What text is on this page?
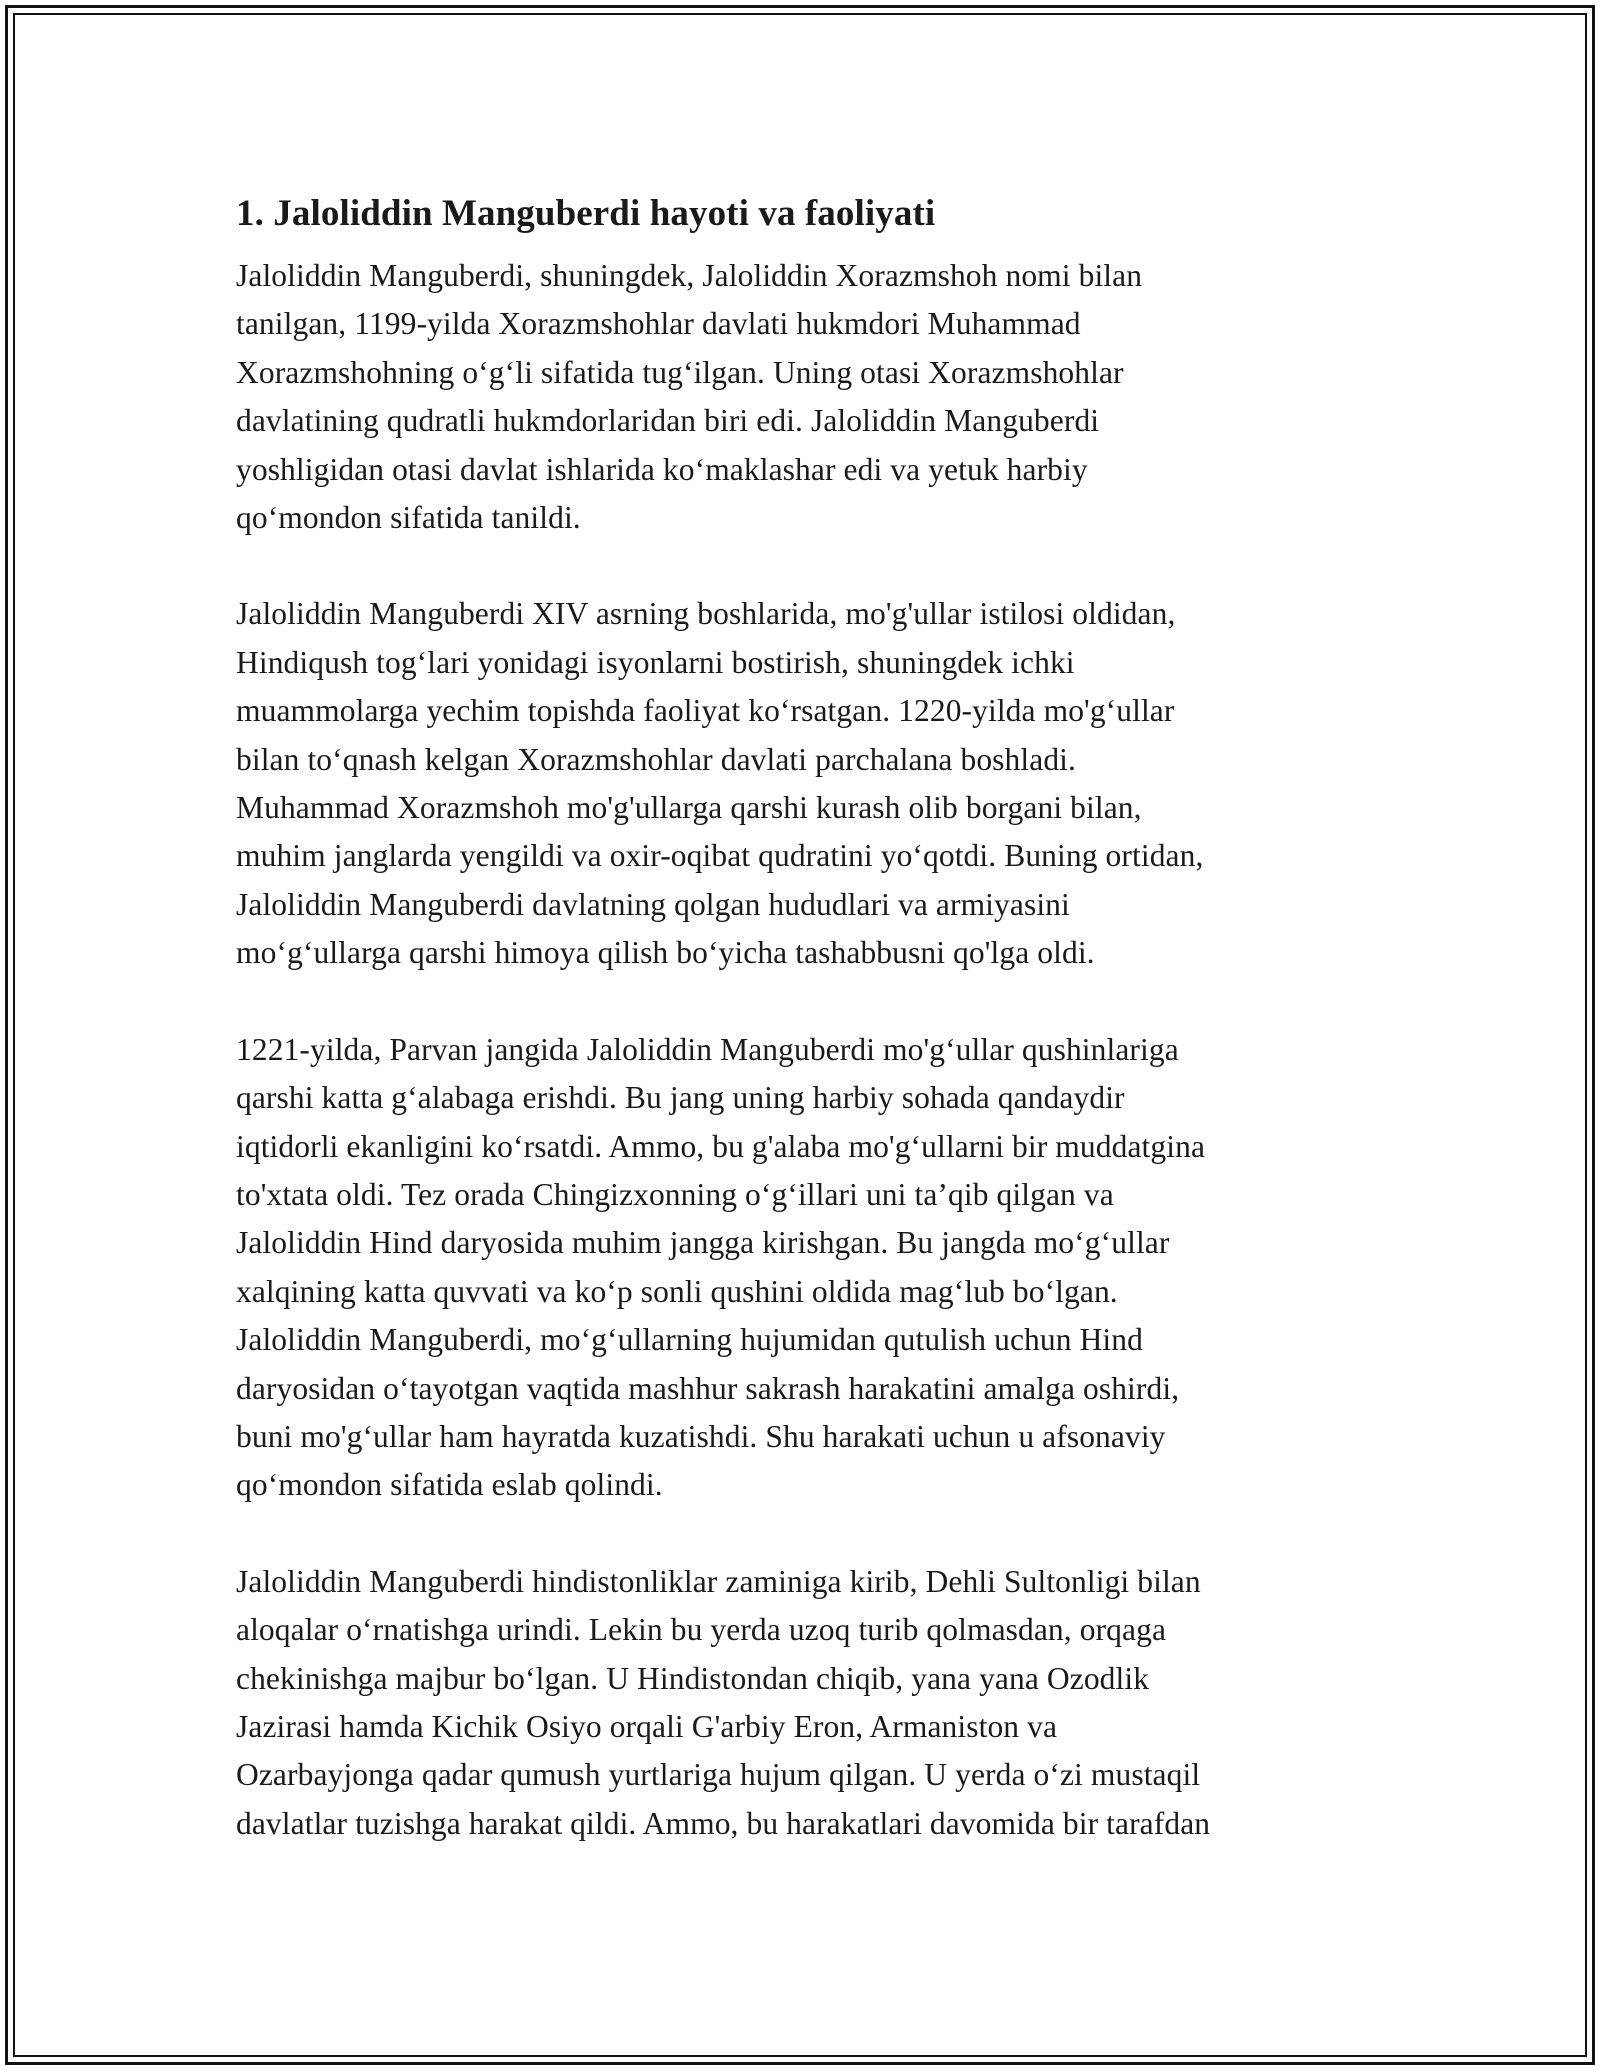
1. Jaloliddin Manguberdi hayoti va faoliyati

Jaloliddin Manguberdi, shuningdek, Jaloliddin Xorazmshoh nomi bilan
tanilgan, 1199-yilda Xorazmshohlar davlati hukmdori Muhammad
Xorazmshohning o‘g‘li sifatida tug‘ilgan. Uning otasi Xorazmshohlar
davlatining qudratli hukmdorlaridan biri edi. Jaloliddin Manguberdi
yoshligidan otasi davlat ishlarida ko‘maklashar edi va yetuk harbiy
qo‘mondon sifatida tanildi.

Jaloliddin Manguberdi XIV asrning boshlarida, mo'g'ullar istilosi oldidan,
Hindiqush tog‘lari yonidagi isyonlarni bostirish, shuningdek ichki
muammolarga yechim topishda faoliyat ko‘rsatgan. 1220-yilda mo'g‘ullar
bilan to‘qnash kelgan Xorazmshohlar davlati parchalana boshladi.
Muhammad Xorazmshoh mo'g'ullarga qarshi kurash olib borgani bilan,
muhim janglarda yengildi va oxir-oqibat qudratini yo‘qotdi. Buning ortidan,
Jaloliddin Manguberdi davlatning qolgan hududlari va armiyasini
mo‘g‘ullarga qarshi himoya qilish bo‘yicha tashabbusni qo'lga oldi.

1221-yilda, Parvan jangida Jaloliddin Manguberdi mo'g‘ullar qushinlariga
qarshi katta g‘alabaga erishdi. Bu jang uning harbiy sohada qandaydir
iqtidorli ekanligini ko‘rsatdi. Ammo, bu g'alaba mo'g‘ullarni bir muddatgina
to'xtata oldi. Tez orada Chingizxonning o‘g‘illari uni ta’qib qilgan va
Jaloliddin Hind daryosida muhim jangga kirishgan. Bu jangda mo‘g‘ullar
xalqining katta quvvati va ko‘p sonli qushini oldida mag‘lub bo‘lgan.
Jaloliddin Manguberdi, mo‘g‘ullarning hujumidan qutulish uchun Hind
daryosidan o‘tayotgan vaqtida mashhur sakrash harakatini amalga oshirdi,
buni mo'g‘ullar ham hayratda kuzatishdi. Shu harakati uchun u afsonaviy
qo‘mondon sifatida eslab qolindi.

Jaloliddin Manguberdi hindistonliklar zaminiga kirib, Dehli Sultonligi bilan
aloqalar o‘rnatishga urindi. Lekin bu yerda uzoq turib qolmasdan, orqaga
chekinishga majbur bo‘lgan. U Hindistondan chiqib, yana yana Ozodlik
Jazirasi hamda Kichik Osiyo orqali G'arbiy Eron, Armaniston va
Ozarbayjonga qadar qumush yurtlariga hujum qilgan. U yerda o‘zi mustaqil
davlatlar tuzishga harakat qildi. Ammo, bu harakatlari davomida bir tarafdan
